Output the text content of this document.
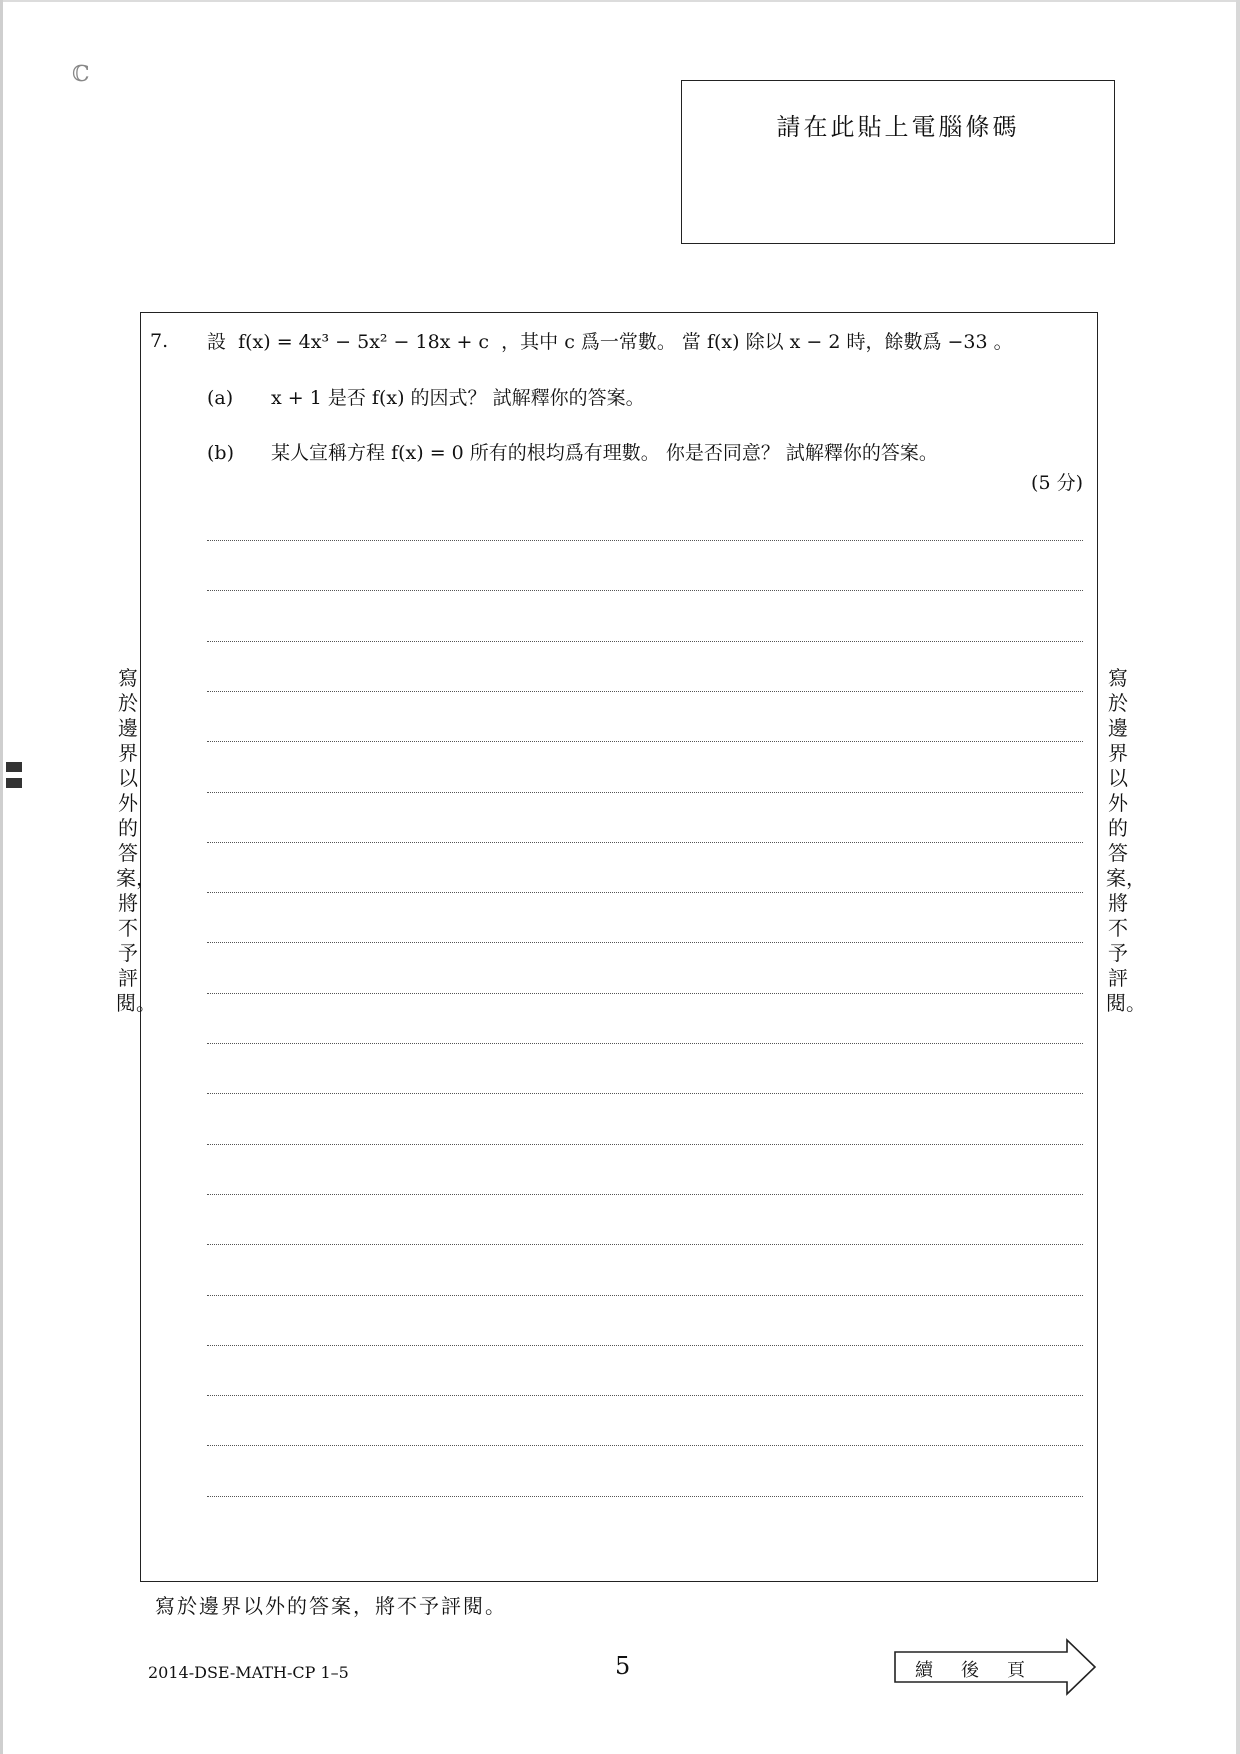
ℂ
請在此貼上電腦條碼
7. 設 f(x) = 4x³ − 5x² − 18x + c ，其中 c 爲一常數。 當 f(x) 除以 x − 2 時，餘數爲 −33 。
(a) x + 1 是否 f(x) 的因式？ 試解釋你的答案。
(b) 某人宣稱方程 f(x) = 0 所有的根均爲有理數。 你是否同意？ 試解釋你的答案。
(5 分)
寫於邊界以外的答案，將不予評閱。
寫於邊界以外的答案，將不予評閱。
寫於邊界以外的答案，將不予評閱。
2014-DSE-MATH-CP 1–5	5	續後頁
